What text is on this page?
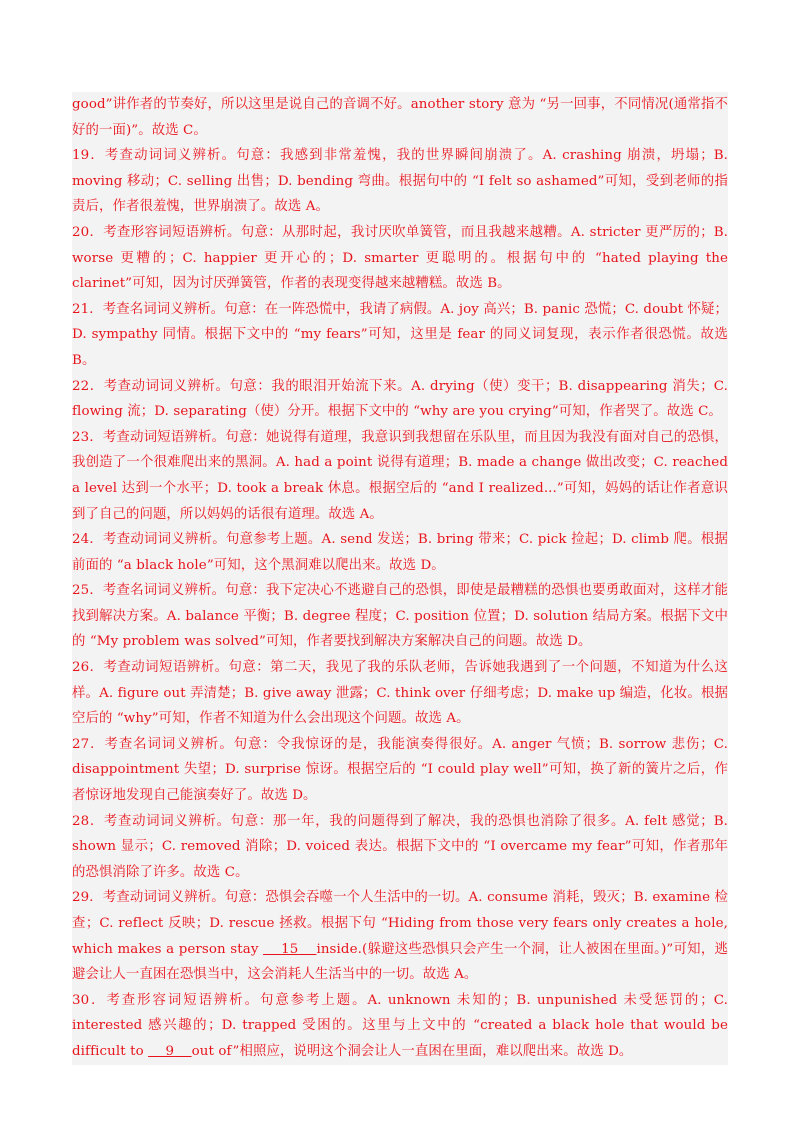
good”讲作者的节奏好，所以这里是说自己的音调不好。another story 意为 “另一回事，不同情况(通常指不好的一面)”。故选 C。

19．考查动词词义辨析。句意：我感到非常羞愧，我的世界瞬间崩溃了。A. crashing 崩溃，坍塌；B. moving 移动；C. selling 出售；D. bending 弯曲。根据句中的 “I felt so ashamed”可知，受到老师的指责后，作者很羞愧，世界崩溃了。故选 A。

20．考查形容词短语辨析。句意：从那时起，我讨厌吹单簧管，而且我越来越糟。A. stricter 更严厉的；B. worse 更糟的；C. happier 更开心的；D. smarter 更聪明的。根据句中的 “hated playing the clarinet”可知，因为讨厌弹簧管，作者的表现变得越来越糟糕。故选 B。

21．考查名词词义辨析。句意：在一阵恐慌中，我请了病假。A. joy 高兴；B. panic 恐慌；C. doubt 怀疑；D. sympathy 同情。根据下文中的 “my fears”可知，这里是 fear 的同义词复现，表示作者很恐慌。故选 B。

22．考查动词词义辨析。句意：我的眼泪开始流下来。A. drying（使）变干；B. disappearing 消失；C. flowing 流；D. separating（使）分开。根据下文中的 “why are you crying”可知，作者哭了。故选 C。

23．考查动词短语辨析。句意：她说得有道理，我意识到我想留在乐队里，而且因为我没有面对自己的恐惧，我创造了一个很难爬出来的黑洞。A. had a point 说得有道理；B. made a change 做出改变；C. reached a level 达到一个水平；D. took a break 休息。根据空后的 “and I realized...”可知，妈妈的话让作者意识到了自己的问题，所以妈妈的话很有道理。故选 A。

24．考查动词词义辨析。句意参考上题。A. send 发送；B. bring 带来；C. pick 捡起；D. climb 爬。根据前面的 “a black hole”可知，这个黑洞难以爬出来。故选 D。

25．考查名词词义辨析。句意：我下定决心不逃避自己的恐惧，即使是最糟糕的恐惧也要勇敢面对，这样才能找到解决方案。A. balance 平衡；B. degree 程度；C. position 位置；D. solution 结局方案。根据下文中的 “My problem was solved”可知，作者要找到解决方案解决自己的问题。故选 D。

26．考查动词短语辨析。句意：第二天，我见了我的乐队老师，告诉她我遇到了一个问题，不知道为什么这样。A. figure out 弄清楚；B. give away 泄露；C. think over 仔细考虑；D. make up 编造，化妆。根据空后的 “why”可知，作者不知道为什么会出现这个问题。故选 A。

27．考查名词词义辨析。句意：令我惊讶的是，我能演奏得很好。A. anger 气愤；B. sorrow 悲伤；C. disappointment 失望；D. surprise 惊讶。根据空后的 “I could play well”可知，换了新的簧片之后，作者惊讶地发现自己能演奏好了。故选 D。

28．考查动词词义辨析。句意：那一年，我的问题得到了解决，我的恐惧也消除了很多。A. felt 感觉；B. shown 显示；C. removed 消除；D. voiced 表达。根据下文中的 “I overcame my fear”可知，作者那年的恐惧消除了许多。故选 C。

29．考查动词词义辨析。句意：恐惧会吞噬一个人生活中的一切。A. consume 消耗，毁灭；B. examine 检查；C. reflect 反映；D. rescue 拯救。根据下句 “Hiding from those very fears only creates a hole, which makes a person stay     15 inside.(躲避这些恐惧只会产生一个洞，让人被困在里面。)”可知，逃避会让人一直困在恐惧当中，这会消耗人生活当中的一切。故选 A。

30．考查形容词短语辨析。句意参考上题。A. unknown 未知的；B. unpunished 未受惩罚的；C. interested 感兴趣的；D. trapped 受困的。这里与上文中的 “created a black hole that would be difficult to     9 out of”相照应，说明这个洞会让人一直困在里面，难以爬出来。故选 D。
